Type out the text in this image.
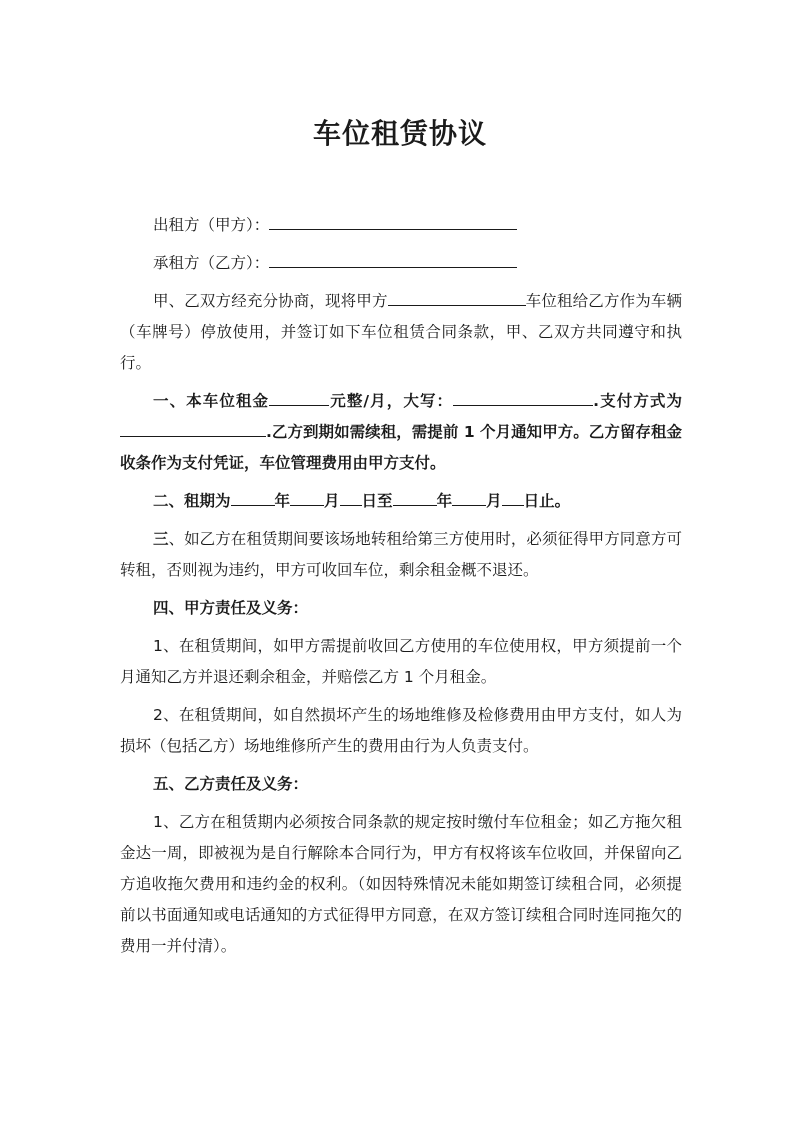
车位租赁协议
出租方（甲方）：
承租方（乙方）：

甲、乙双方经充分协商，现将甲方	车位租给乙方作为车辆（车牌号）停放使用，并签订如下车位租赁合同条款，甲、乙双方共同遵守和执行。

一、本车位租金	元整/月，大写：	.支付方式为.乙方到期如需续租，需提前 1 个月通知甲方。乙方留存租金收条作为支付凭证，车位管理费用由甲方支付。

二、租期为	年 月 日至	年 月 日止。

三、如乙方在租赁期间要该场地转租给第三方使用时，必须征得甲方同意方可转租，否则视为违约，甲方可收回车位，剩余租金概不退还。

四、甲方责任及义务：

1、在租赁期间，如甲方需提前收回乙方使用的车位使用权，甲方须提前一个月通知乙方并退还剩余租金，并赔偿乙方 1 个月租金。

2、在租赁期间，如自然损坏产生的场地维修及检修费用由甲方支付，如人为损坏（包括乙方）场地维修所产生的费用由行为人负责支付。

五、乙方责任及义务：

1、乙方在租赁期内必须按合同条款的规定按时缴付车位租金；如乙方拖欠租金达一周，即被视为是自行解除本合同行为，甲方有权将该车位收回，并保留向乙方追收拖欠费用和违约金的权利。（如因特殊情况未能如期签订续租合同，必须提前以书面通知或电话通知的方式征得甲方同意，在双方签订续租合同时连同拖欠的费用一并付清）。
